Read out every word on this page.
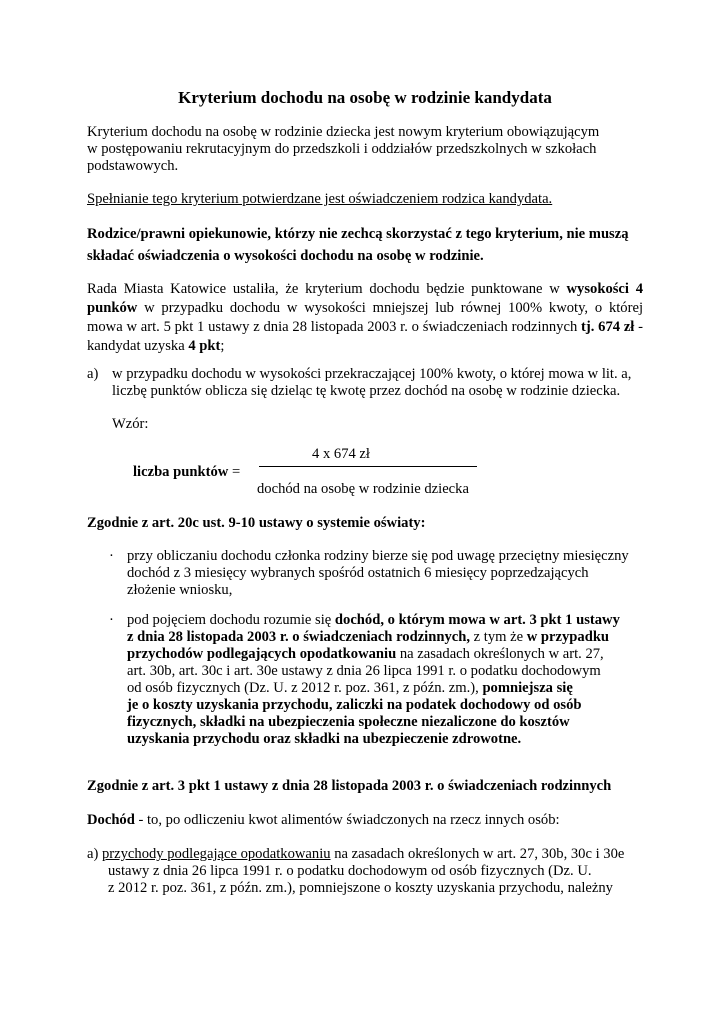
Kryterium dochodu na osobę w rodzinie kandydata

Kryterium dochodu na osobę w rodzinie dziecka jest nowym kryterium obowiązującym

w postępowaniu rekrutacyjnym do przedszkoli i oddziałów przedszkolnych w szkołach

podstawowych.

Spełnianie tego kryterium potwierdzane jest oświadczeniem rodzica kandydata.

Rodzice/prawni opiekunowie, którzy nie zechcą skorzystać z tego kryterium, nie muszą

składać oświadczenia o wysokości dochodu na osobę w rodzinie.

Rada Miasta Katowice ustaliła, że kryterium dochodu będzie punktowane w wysokości 4 punków w przypadku dochodu w wysokości mniejszej lub równej 100% kwoty, o której mowa w art. 5 pkt 1 ustawy z dnia 28 listopada 2003 r. o świadczeniach rodzinnych tj. 674 zł - kandydat uzyska 4 pkt;
a) w przypadku dochodu w wysokości przekraczającej 100% kwoty, o której mowa w lit. a,

liczbę punktów oblicza się dzieląc tę kwotę przez dochód na osobę w rodzinie dziecka.

Wzór:
4 x 674 zł
liczba punktów =
dochód na osobę w rodzinie dziecka
Zgodnie z art. 20c ust. 9-10 ustawy o systemie oświaty:
· przy obliczaniu dochodu członka rodziny bierze się pod uwagę przeciętny miesięczny

dochód z 3 miesięcy wybranych spośród ostatnich 6 miesięcy poprzedzających

złożenie wniosku,

· pod pojęciem dochodu rozumie się dochód, o którym mowa w art. 3 pkt 1 ustawy

z dnia 28 listopada 2003 r. o świadczeniach rodzinnych, z tym że w przypadku

przychodów podlegających opodatkowaniu na zasadach określonych w art. 27,

art. 30b, art. 30c i art. 30e ustawy z dnia 26 lipca 1991 r. o podatku dochodowym

od osób fizycznych (Dz. U. z 2012 r. poz. 361, z późn. zm.), pomniejsza się

je o koszty uzyskania przychodu, zaliczki na podatek dochodowy od osób

fizycznych, składki na ubezpieczenia społeczne niezaliczone do kosztów

uzyskania przychodu oraz składki na ubezpieczenie zdrowotne.

Zgodnie z art. 3 pkt 1 ustawy z dnia 28 listopada 2003 r. o świadczeniach rodzinnych
Dochód - to, po odliczeniu kwot alimentów świadczonych na rzecz innych osób:

a) przychody podlegające opodatkowaniu na zasadach określonych w art. 27, 30b, 30c i 30e

ustawy z dnia 26 lipca 1991 r. o podatku dochodowym od osób fizycznych (Dz. U.

z 2012 r. poz. 361, z późn. zm.), pomniejszone o koszty uzyskania przychodu, należny
